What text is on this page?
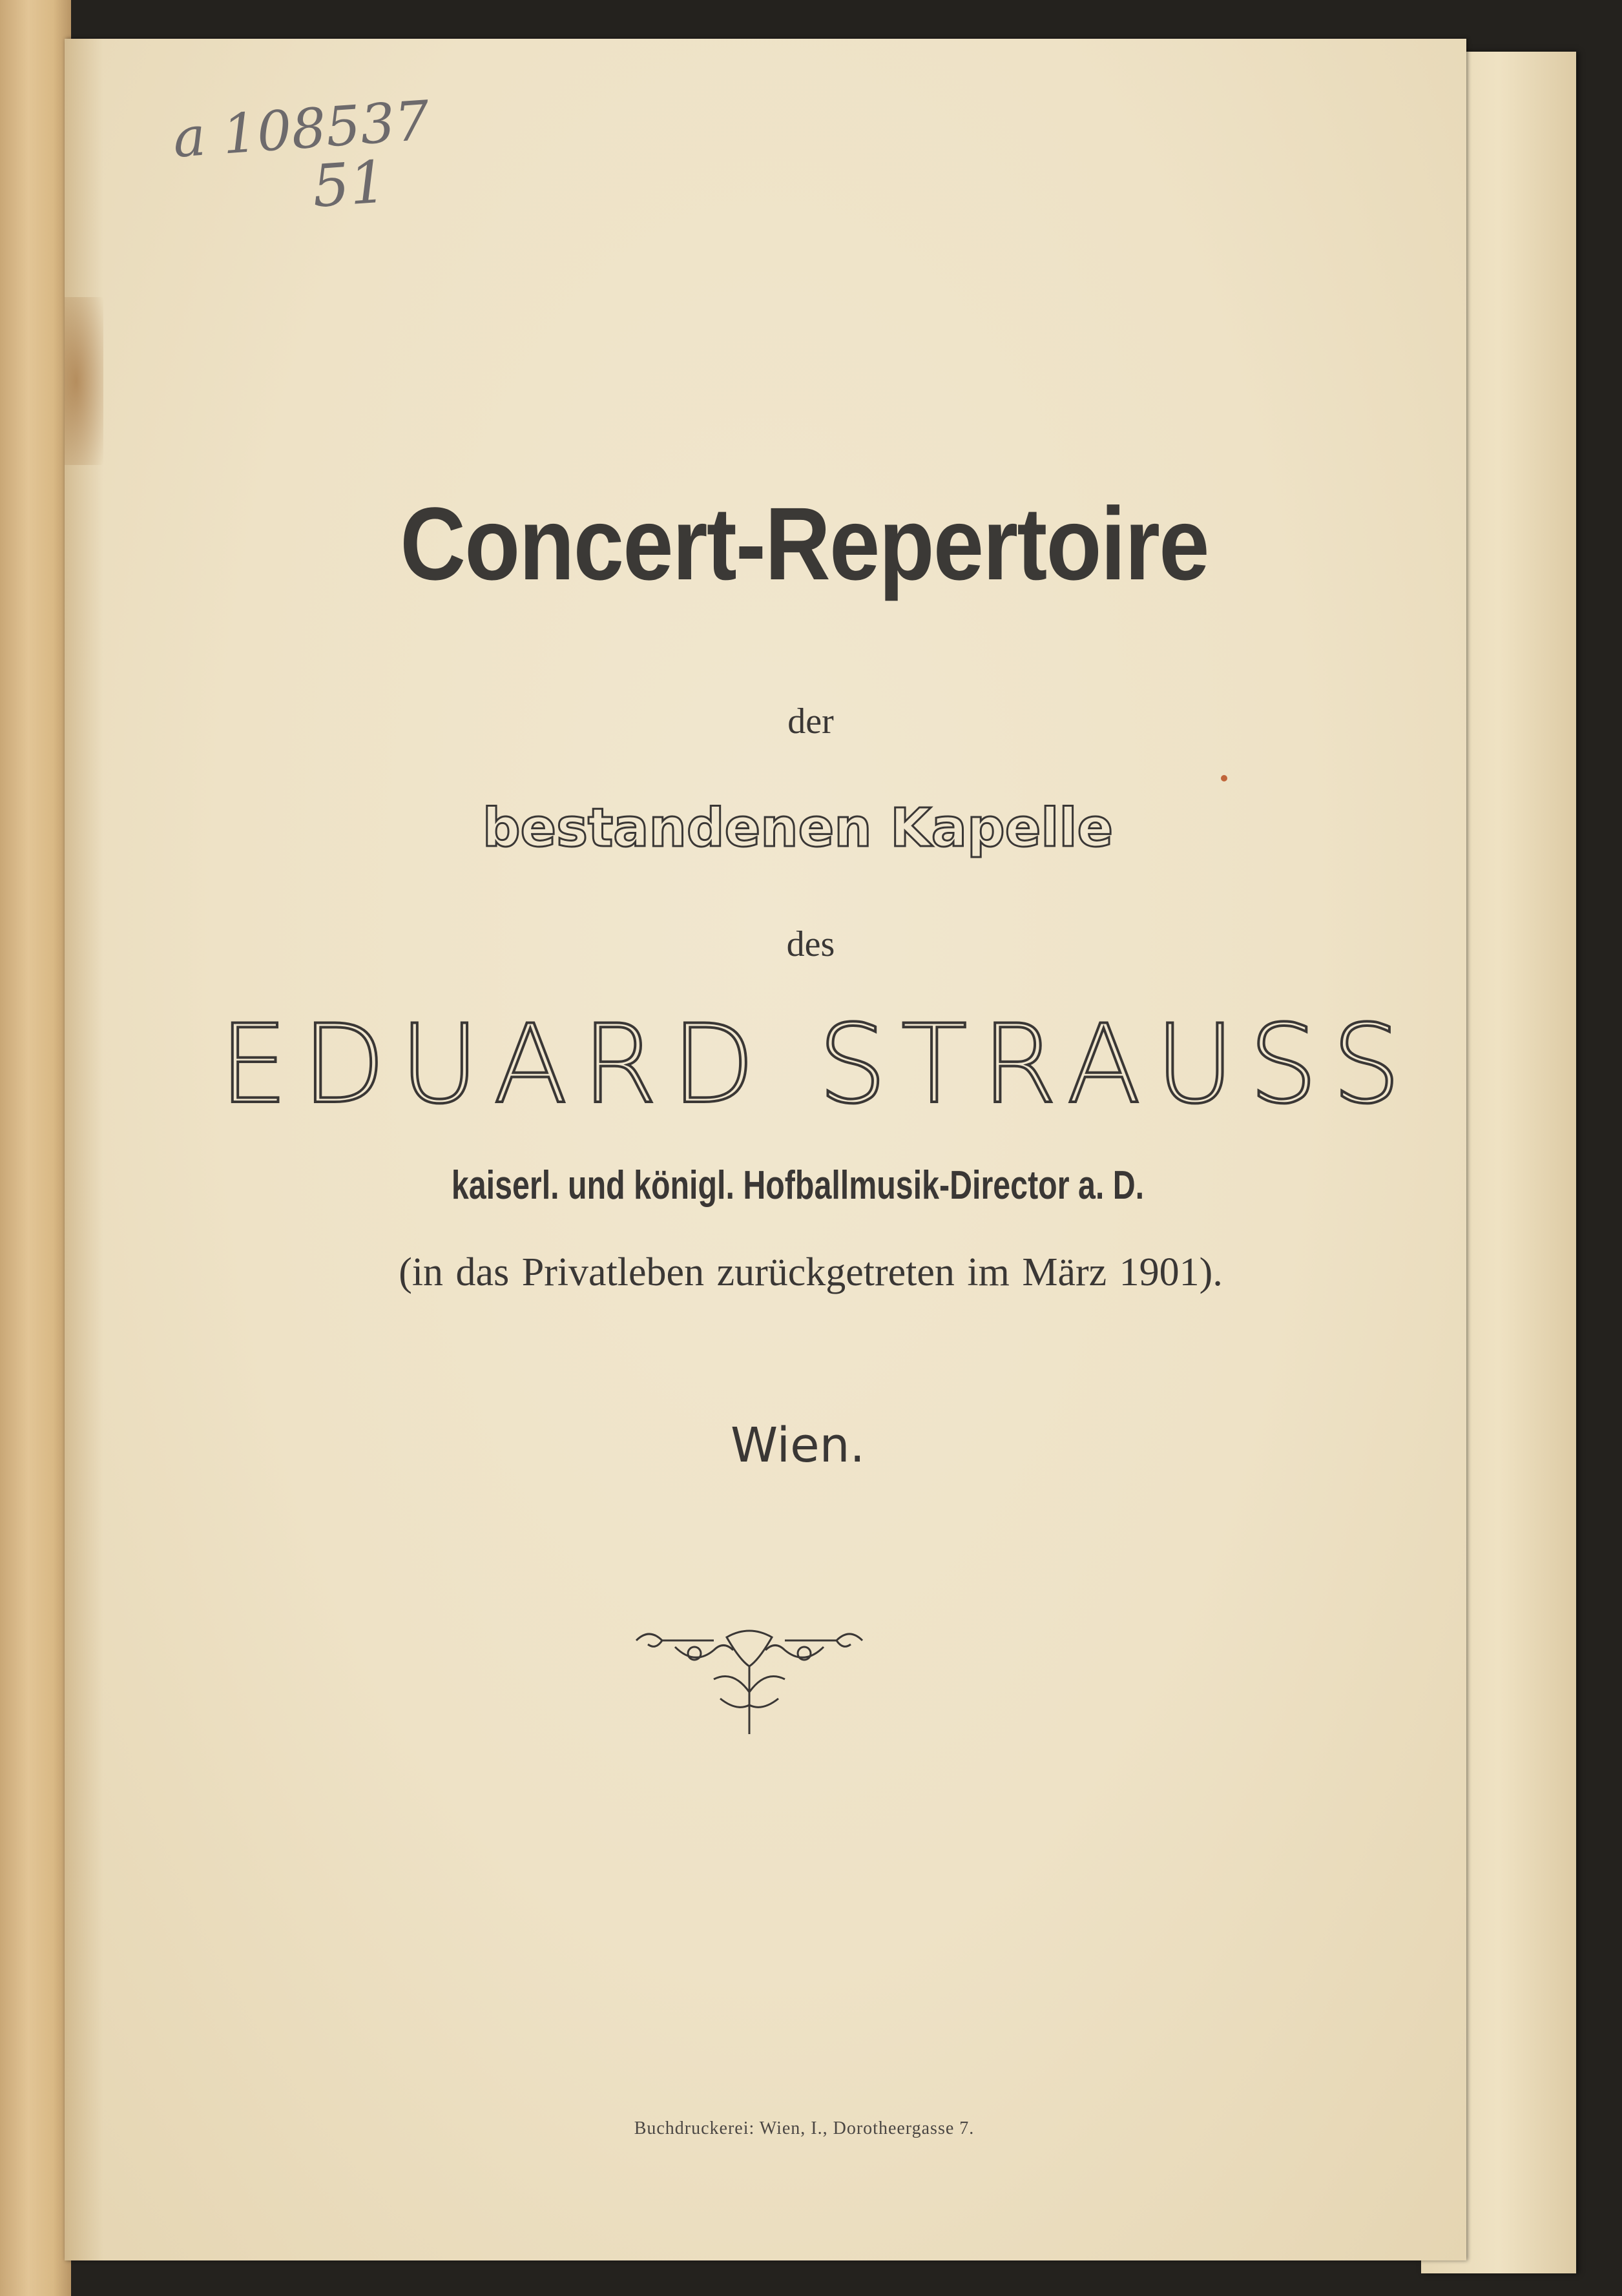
a 108537
51
Concert-Repertoire
der
bestandenen Kapelle
des
EDUARD STRAUSS
kaiserl. und königl. Hofballmusik-Director a. D.
(in das Privatleben zurückgetreten im März 1901).
Wien.
Buchdruckerei: Wien, I., Dorotheergasse 7.
